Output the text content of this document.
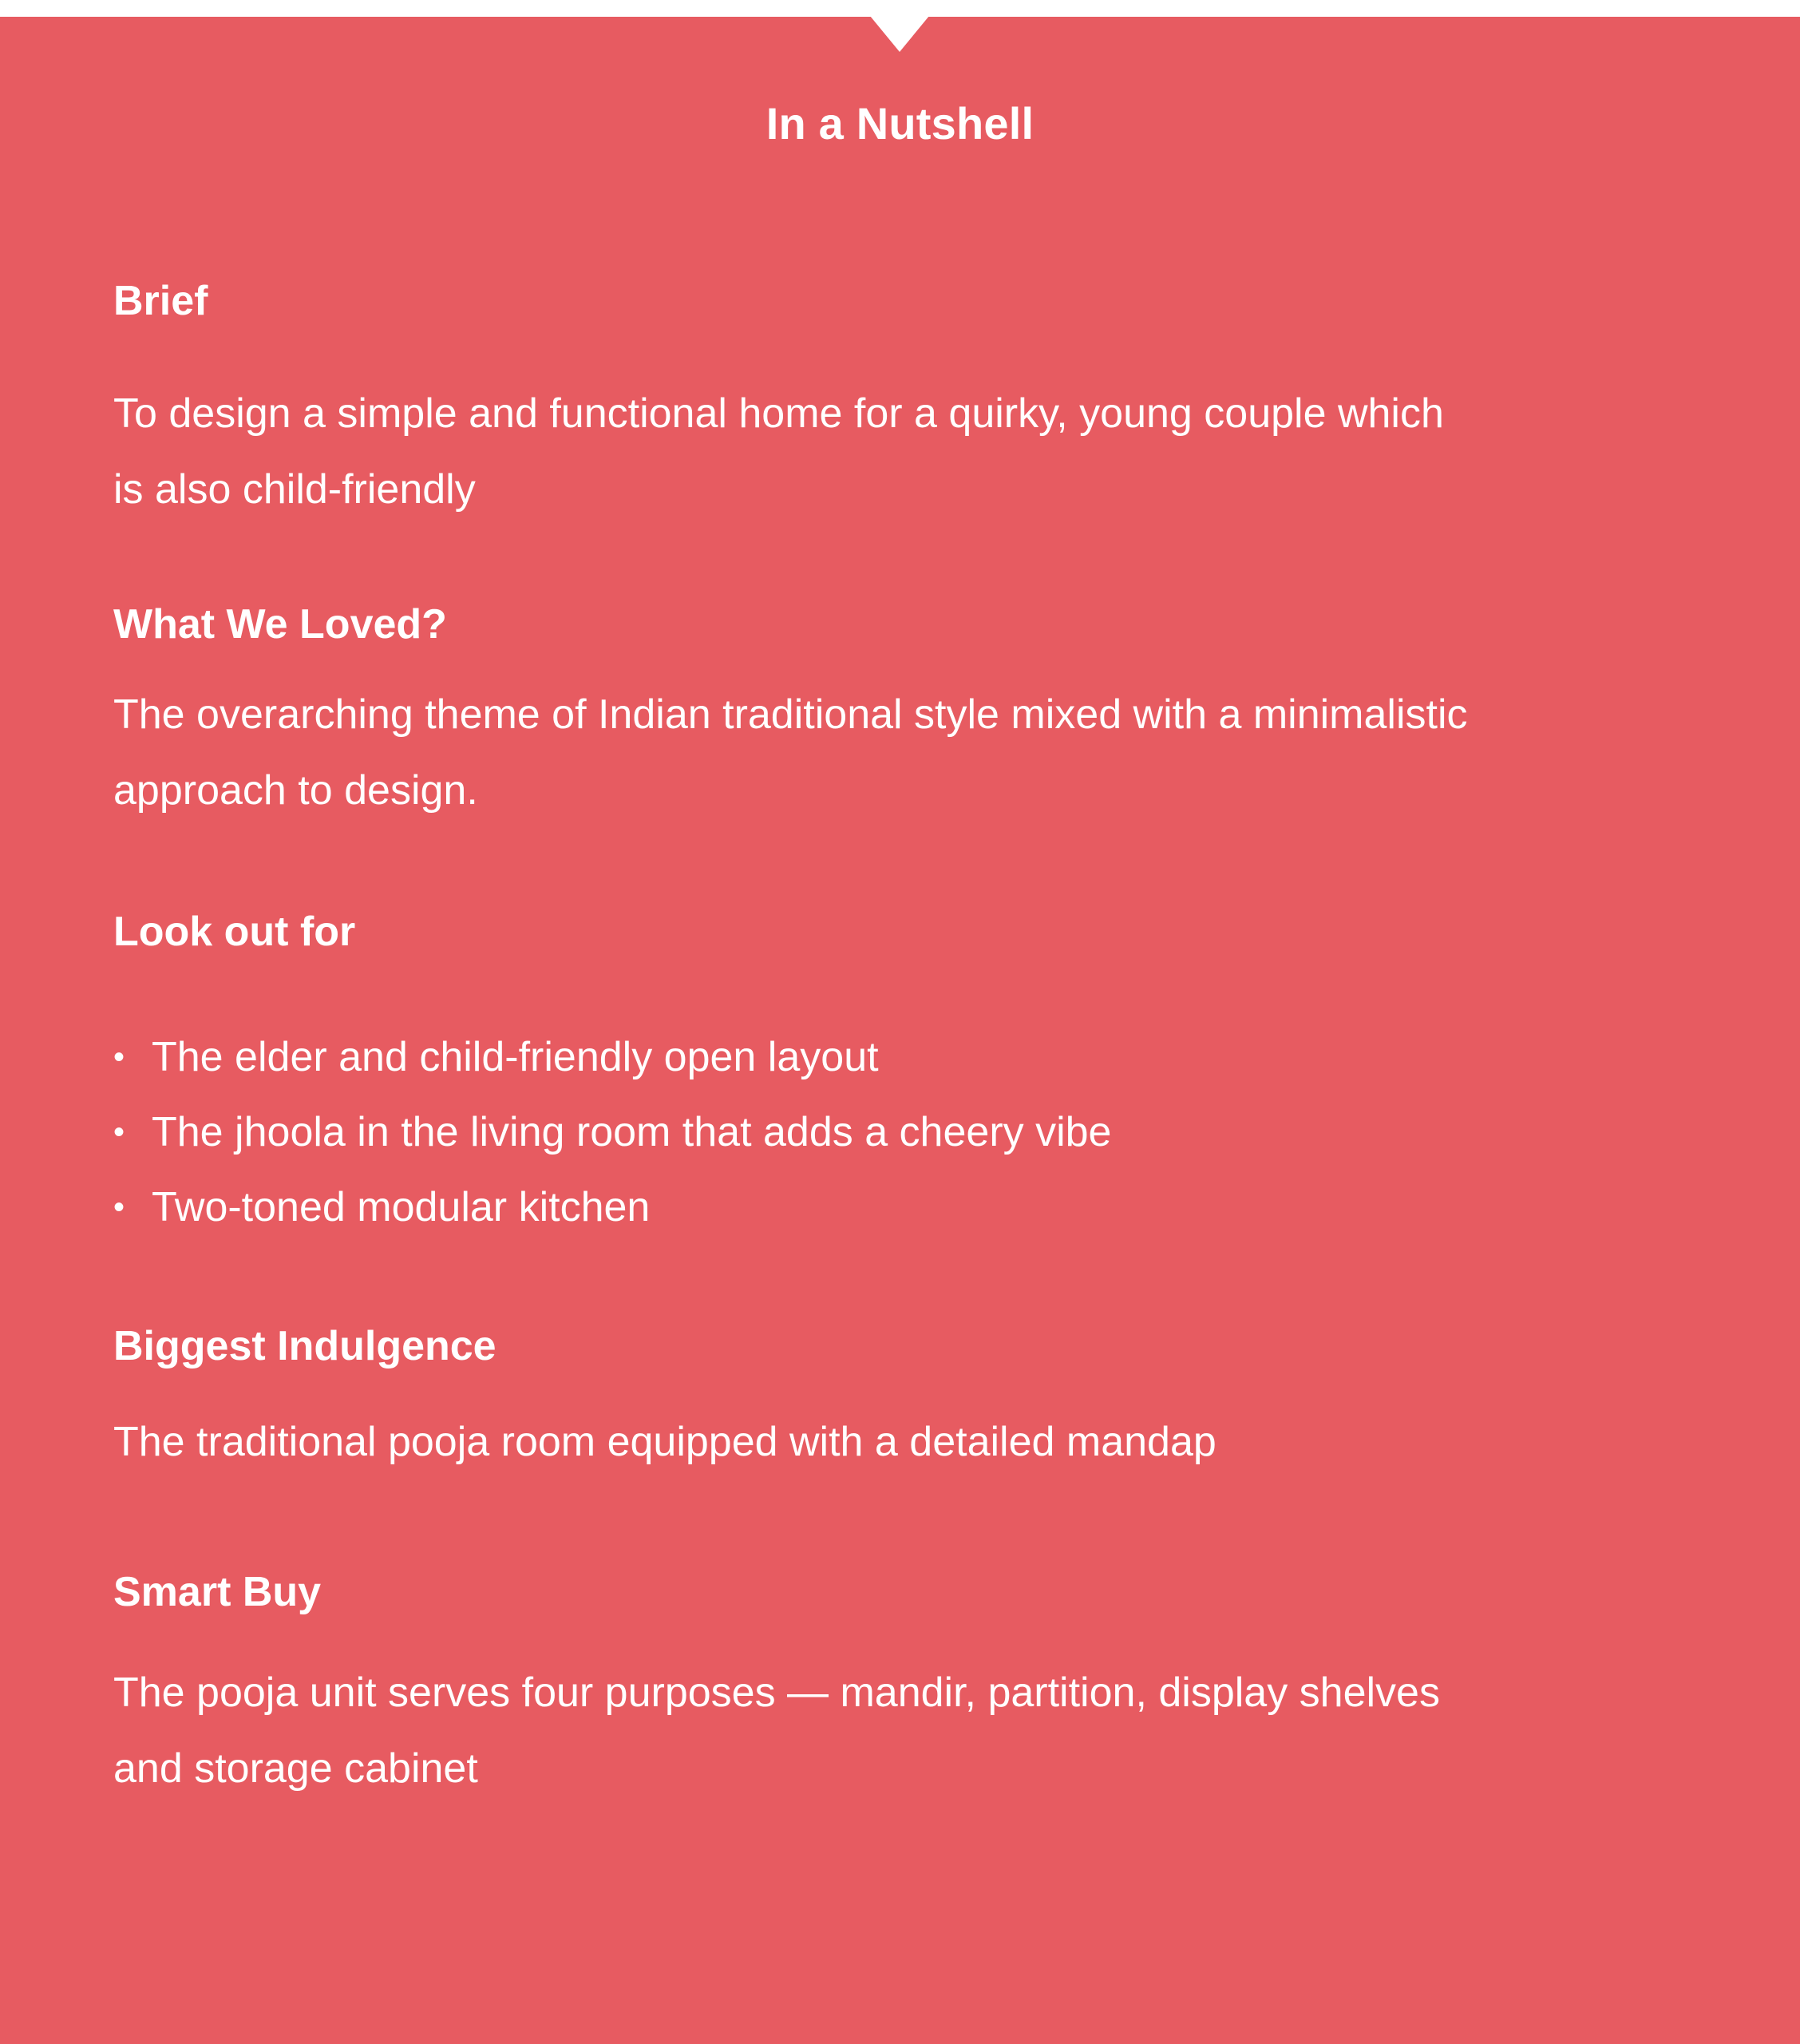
In a Nutshell
Brief

To design a simple and functional home for a quirky, young couple which
is also child-friendly

What We Loved?

The overarching theme of Indian traditional style mixed with a minimalistic
approach to design.

Look out for
• The elder and child-friendly open layout
• The jhoola in the living room that adds a cheery vibe
• Two-toned modular kitchen
Biggest Indulgence

The traditional pooja room equipped with a detailed mandap

Smart Buy

The pooja unit serves four purposes — mandir, partition, display shelves
and storage cabinet
